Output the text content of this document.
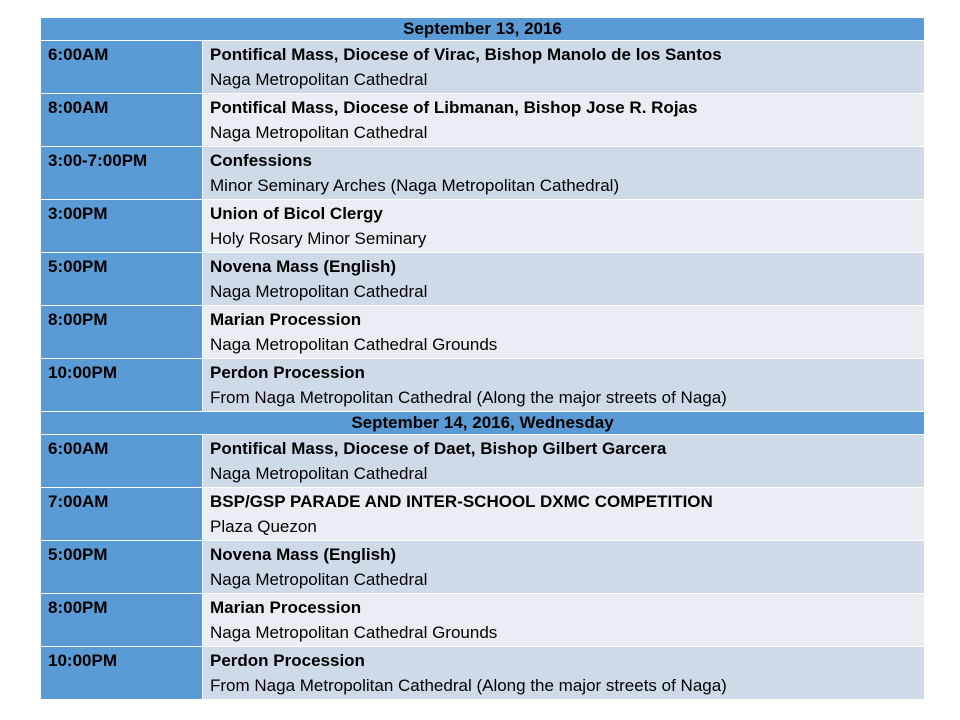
September 13, 2016	
6:00AM	Pontifical Mass, Diocese of Virac, Bishop Manolo de los Santos
Naga Metropolitan Cathedral

8:00AM	Pontifical Mass, Diocese of Libmanan, Bishop Jose R. Rojas
Naga Metropolitan Cathedral

3:00-7:00PM	Confessions
Minor Seminary Arches (Naga Metropolitan Cathedral)

3:00PM	Union of Bicol Clergy
Holy Rosary Minor Seminary

5:00PM	Novena Mass (English)
Naga Metropolitan Cathedral

8:00PM	Marian Procession
Naga Metropolitan Cathedral Grounds

10:00PM	Perdon Procession
From Naga Metropolitan Cathedral (Along the major streets of Naga)

September 14, 2016, Wednesday	
6:00AM	Pontifical Mass, Diocese of Daet, Bishop Gilbert Garcera
Naga Metropolitan Cathedral

7:00AM	BSP/GSP PARADE AND INTER-SCHOOL DXMC COMPETITION
Plaza Quezon

5:00PM	Novena Mass (English)
Naga Metropolitan Cathedral

8:00PM	Marian Procession
Naga Metropolitan Cathedral Grounds

10:00PM	Perdon Procession
From Naga Metropolitan Cathedral (Along the major streets of Naga)
